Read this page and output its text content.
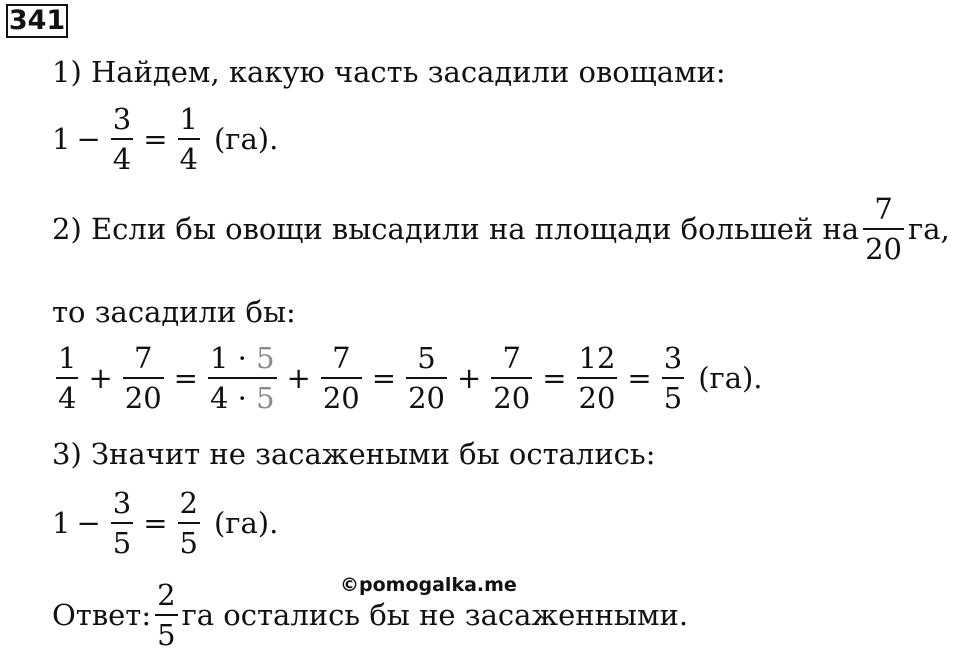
341
1) Найдем, какую часть засадили овощами:
$1 - \frac{3}{4} = \frac{1}{4} (га)$.
2) Если бы овощи высадили на площади большей на $\frac{7}{20}$ га,
то засадили бы:
$\frac{1}{4} + \frac{7}{20} = \frac{1 \cdot 5}{4 \cdot 5} + \frac{7}{20} = \frac{5}{20} + \frac{7}{20} = \frac{12}{20} = \frac{3}{5} (га)$.
3) Значит не засажеными бы остались:
$1 - \frac{3}{5} = \frac{2}{5} (га)$.
©pomogalka.me
Ответ: $\frac{2}{5}$ га остались бы не засаженными.
